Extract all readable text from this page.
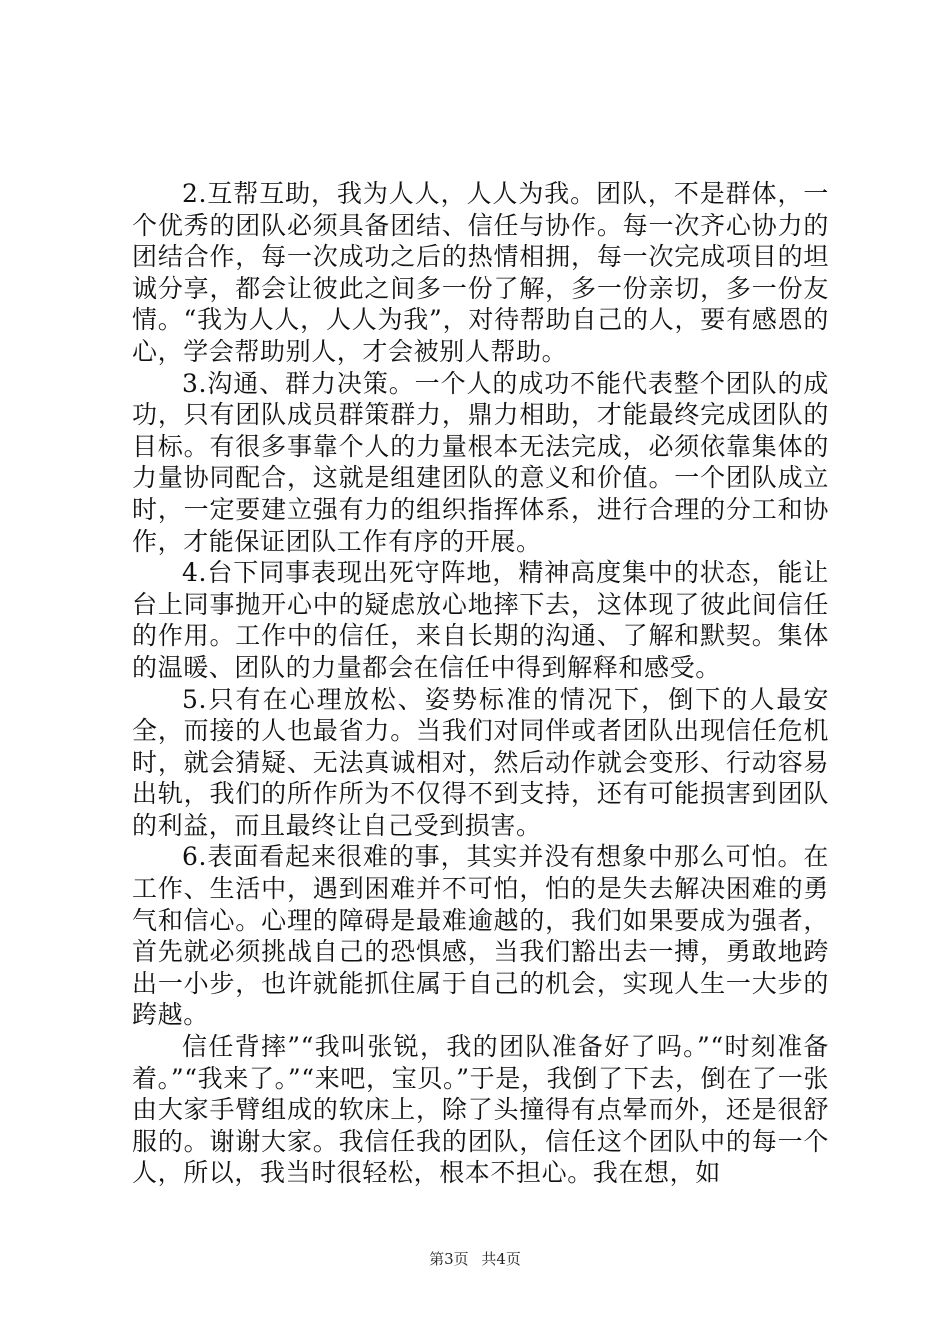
2.互帮互助，我为人人，人人为我。团队，不是群体，一个优秀的团队必须具备团结、信任与协作。每一次齐心协力的团结合作，每一次成功之后的热情相拥，每一次完成项目的坦诚分享，都会让彼此之间多一份了解，多一份亲切，多一份友情。“我为人人，人人为我”，对待帮助自己的人，要有感恩的心，学会帮助别人，才会被别人帮助。

3.沟通、群力决策。一个人的成功不能代表整个团队的成功，只有团队成员群策群力，鼎力相助，才能最终完成团队的目标。有很多事靠个人的力量根本无法完成，必须依靠集体的力量协同配合，这就是组建团队的意义和价值。一个团队成立时，一定要建立强有力的组织指挥体系，进行合理的分工和协作，才能保证团队工作有序的开展。

4.台下同事表现出死守阵地，精神高度集中的状态，能让台上同事抛开心中的疑虑放心地摔下去，这体现了彼此间信任的作用。工作中的信任，来自长期的沟通、了解和默契。集体的温暖、团队的力量都会在信任中得到解释和感受。

5.只有在心理放松、姿势标准的情况下，倒下的人最安全，而接的人也最省力。当我们对同伴或者团队出现信任危机时，就会猜疑、无法真诚相对，然后动作就会变形、行动容易出轨，我们的所作所为不仅得不到支持，还有可能损害到团队的利益，而且最终让自己受到损害。

6.表面看起来很难的事，其实并没有想象中那么可怕。在工作、生活中，遇到困难并不可怕，怕的是失去解决困难的勇气和信心。心理的障碍是最难逾越的，我们如果要成为强者，首先就必须挑战自己的恐惧感，当我们豁出去一搏，勇敢地跨出一小步，也许就能抓住属于自己的机会，实现人生一大步的跨越。

信任背摔”“我叫张锐，我的团队准备好了吗。”“时刻准备着。”“我来了。”“来吧，宝贝。”于是，我倒了下去，倒在了一张由大家手臂组成的软床上，除了头撞得有点晕而外，还是很舒服的。谢谢大家。我信任我的团队，信任这个团队中的每一个人，所以，我当时很轻松，根本不担心。我在想，如

第3页 共4页
